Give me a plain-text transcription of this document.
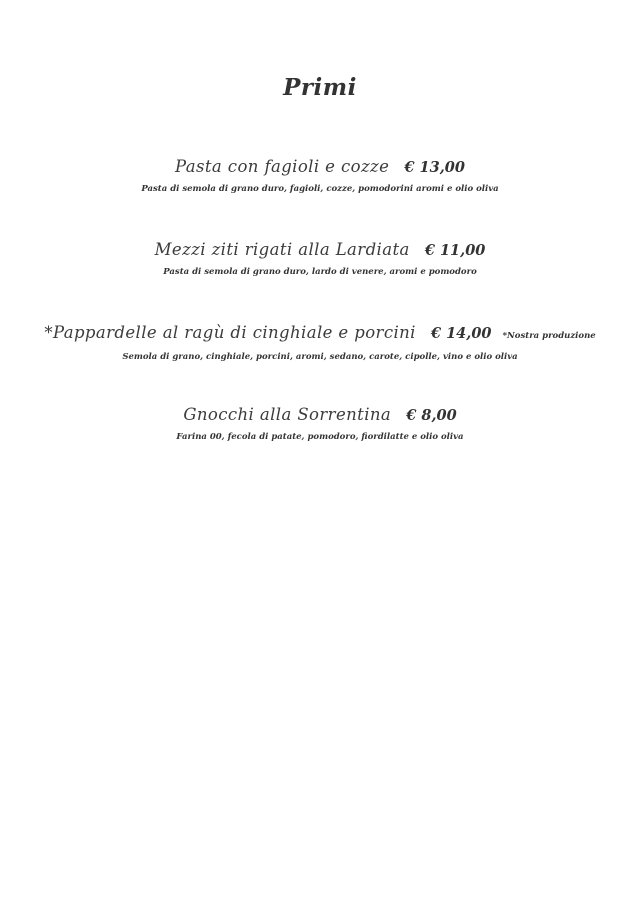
Primi
Pasta con fagioli e cozze € 13,00
Pasta di semola di grano duro, fagioli, cozze, pomodorini aromi e olio oliva
Mezzi ziti rigati alla Lardiata € 11,00
Pasta di semola di grano duro, lardo di venere, aromi e pomodoro
*Pappardelle al ragù di cinghiale e porcini € 14,00 *Nostra produzione
Semola di grano, cinghiale, porcini, aromi, sedano, carote, cipolle, vino e olio oliva
Gnocchi alla Sorrentina € 8,00
Farina 00, fecola di patate, pomodoro, fiordilatte e olio oliva
